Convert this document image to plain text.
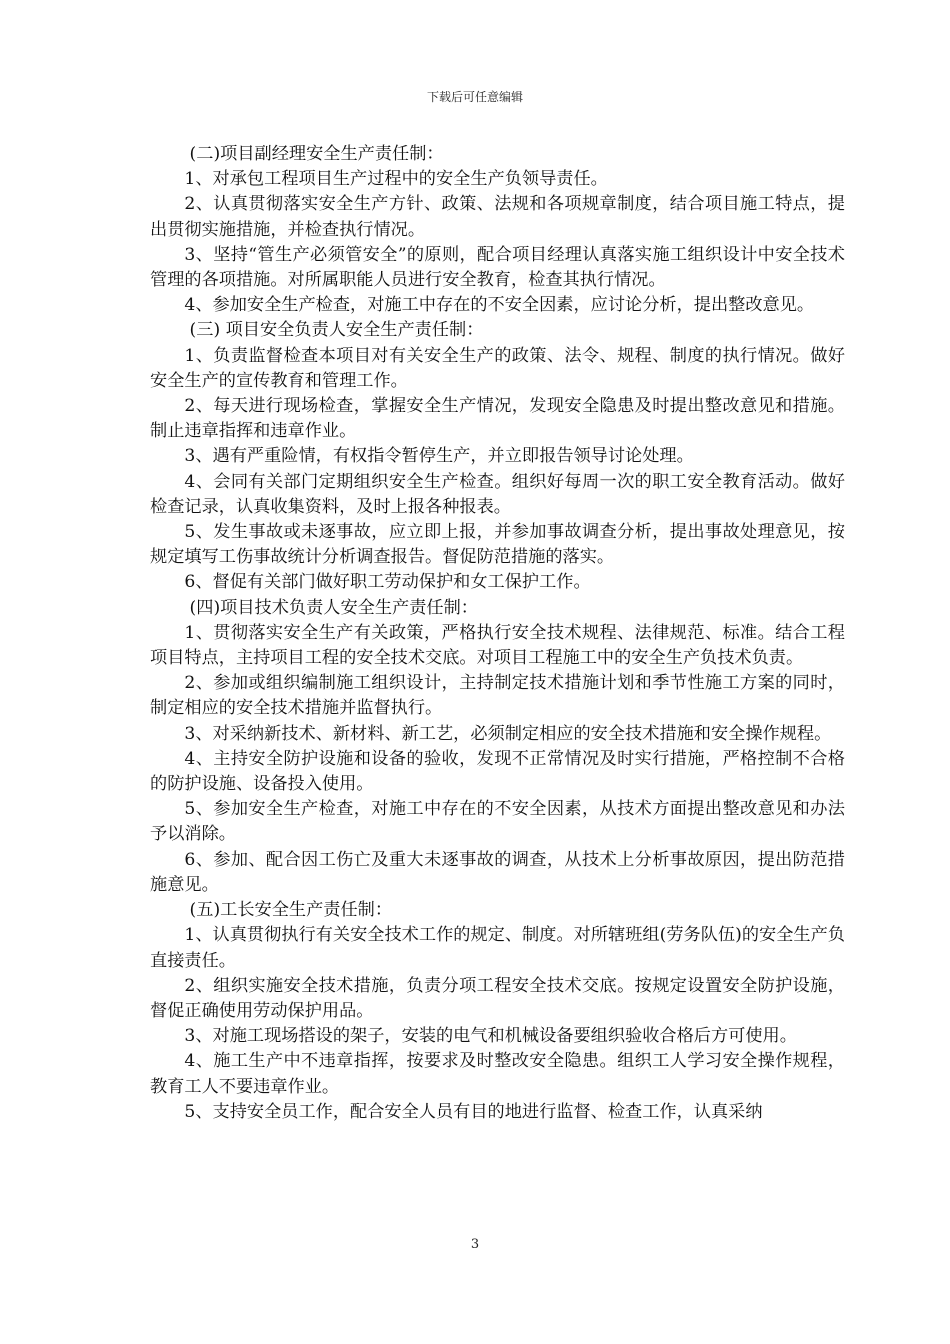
下载后可任意编辑

(二)项目副经理安全生产责任制：

1、对承包工程项目生产过程中的安全生产负领导责任。

2、认真贯彻落实安全生产方针、政策、法规和各项规章制度，结合项目施工特点，提出贯彻实施措施，并检查执行情况。

3、坚持“管生产必须管安全”的原则，配合项目经理认真落实施工组织设计中安全技术管理的各项措施。对所属职能人员进行安全教育，检查其执行情况。

4、参加安全生产检查，对施工中存在的不安全因素，应讨论分析，提出整改意见。

(三) 项目安全负责人安全生产责任制：

1、负责监督检查本项目对有关安全生产的政策、法令、规程、制度的执行情况。做好安全生产的宣传教育和管理工作。

2、每天进行现场检查，掌握安全生产情况，发现安全隐患及时提出整改意见和措施。制止违章指挥和违章作业。

3、遇有严重险情，有权指令暂停生产，并立即报告领导讨论处理。

4、会同有关部门定期组织安全生产检查。组织好每周一次的职工安全教育活动。做好检查记录，认真收集资料，及时上报各种报表。

5、发生事故或未逐事故，应立即上报，并参加事故调查分析，提出事故处理意见，按规定填写工伤事故统计分析调查报告。督促防范措施的落实。

6、督促有关部门做好职工劳动保护和女工保护工作。

(四)项目技术负责人安全生产责任制：

1、贯彻落实安全生产有关政策，严格执行安全技术规程、法律规范、标准。结合工程项目特点，主持项目工程的安全技术交底。对项目工程施工中的安全生产负技术负责。

2、参加或组织编制施工组织设计，主持制定技术措施计划和季节性施工方案的同时，制定相应的安全技术措施并监督执行。

3、对采纳新技术、新材料、新工艺，必须制定相应的安全技术措施和安全操作规程。

4、主持安全防护设施和设备的验收，发现不正常情况及时实行措施，严格控制不合格的防护设施、设备投入使用。

5、参加安全生产检查，对施工中存在的不安全因素，从技术方面提出整改意见和办法予以消除。

6、参加、配合因工伤亡及重大未逐事故的调查，从技术上分析事故原因，提出防范措施意见。

(五)工长安全生产责任制：

1、认真贯彻执行有关安全技术工作的规定、制度。对所辖班组(劳务队伍)的安全生产负直接责任。

2、组织实施安全技术措施，负责分项工程安全技术交底。按规定设置安全防护设施，督促正确使用劳动保护用品。

3、对施工现场搭设的架子，安装的电气和机械设备要组织验收合格后方可使用。

4、施工生产中不违章指挥，按要求及时整改安全隐患。组织工人学习安全操作规程，教育工人不要违章作业。

5、支持安全员工作，配合安全人员有目的地进行监督、检查工作，认真采纳

3
